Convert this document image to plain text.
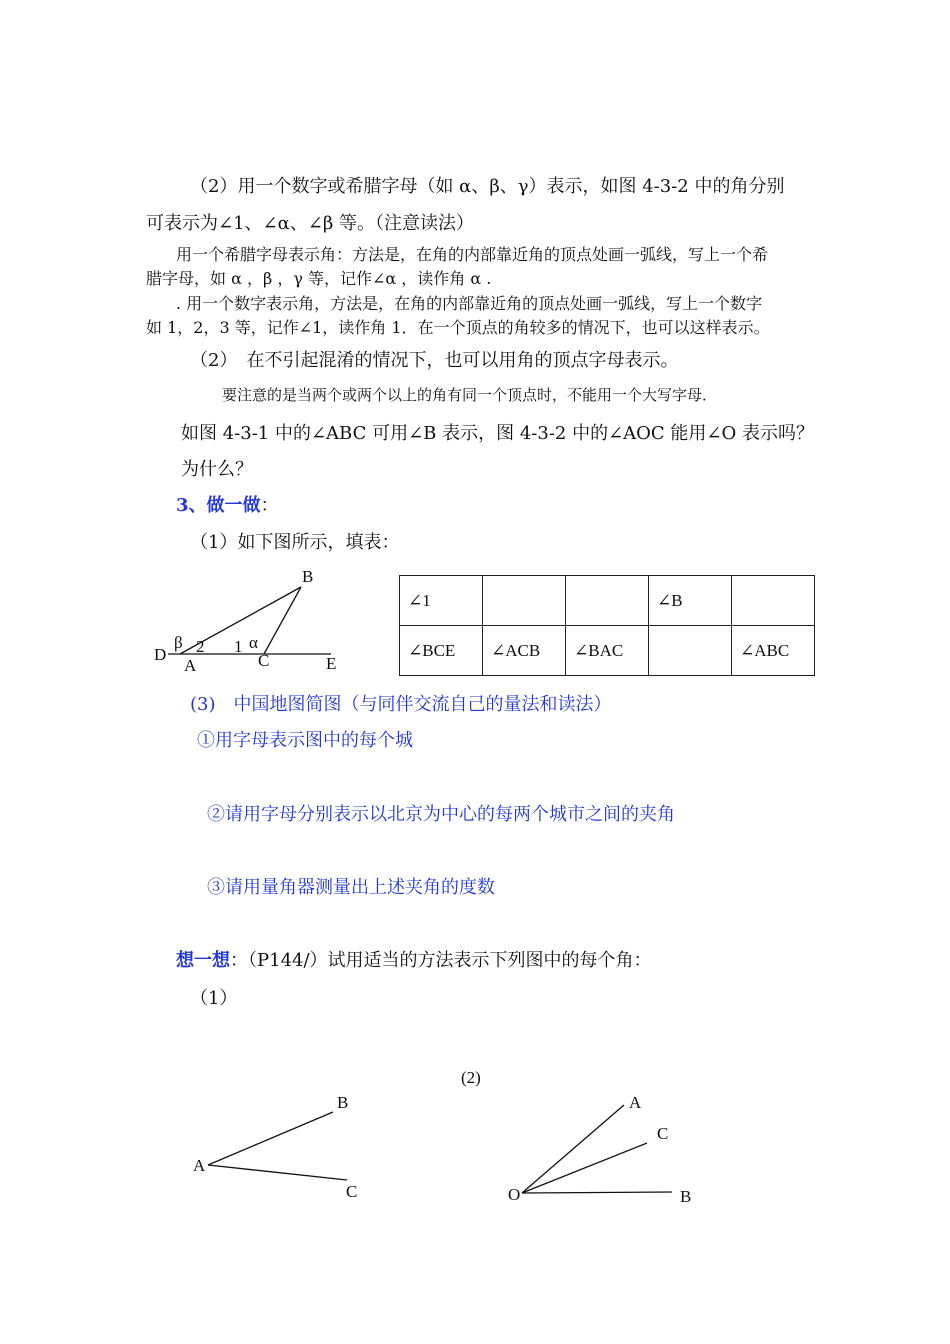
（2）用一个数字或希腊字母（如 α、β、γ）表示，如图 4-3-2 中的角分别
可表示为∠1、∠α、∠β 等。（注意读法）
用一个希腊字母表示角：方法是，在角的内部靠近角的顶点处画一弧线，写上一个希
腊字母，如 α ，β ，γ 等，记作∠α ，读作角 α .
. 用一个数字表示角，方法是，在角的内部靠近角的顶点处画一弧线，写上一个数字
如 1，2，3 等，记作∠1，读作角 1．在一个顶点的角较多的情况下，也可以这样表示。
（2）　在不引起混淆的情况下，也可以用角的顶点字母表示。
要注意的是当两个或两个以上的角有同一个顶点时，不能用一个大写字母．
如图 4-3-1 中的∠ABC 可用∠B 表示，图 4-3-2 中的∠AOC 能用∠O 表示吗？
为什么？
3、做一做：
（1）如下图所示，填表：
B
D
A	C	E
β 2 1 α
∠1			∠B	
∠BCE	∠ACB	∠BAC		∠ABC
(3)　中国地图简图（与同伴交流自己的量法和读法）
①用字母表示图中的每个城
②请用字母分别表示以北京为中心的每两个城市之间的夹角
③请用量角器测量出上述夹角的度数
想一想：（P144/）试用适当的方法表示下列图中的每个角：
（1）
(2)
B
A
C
A
C
O	B
